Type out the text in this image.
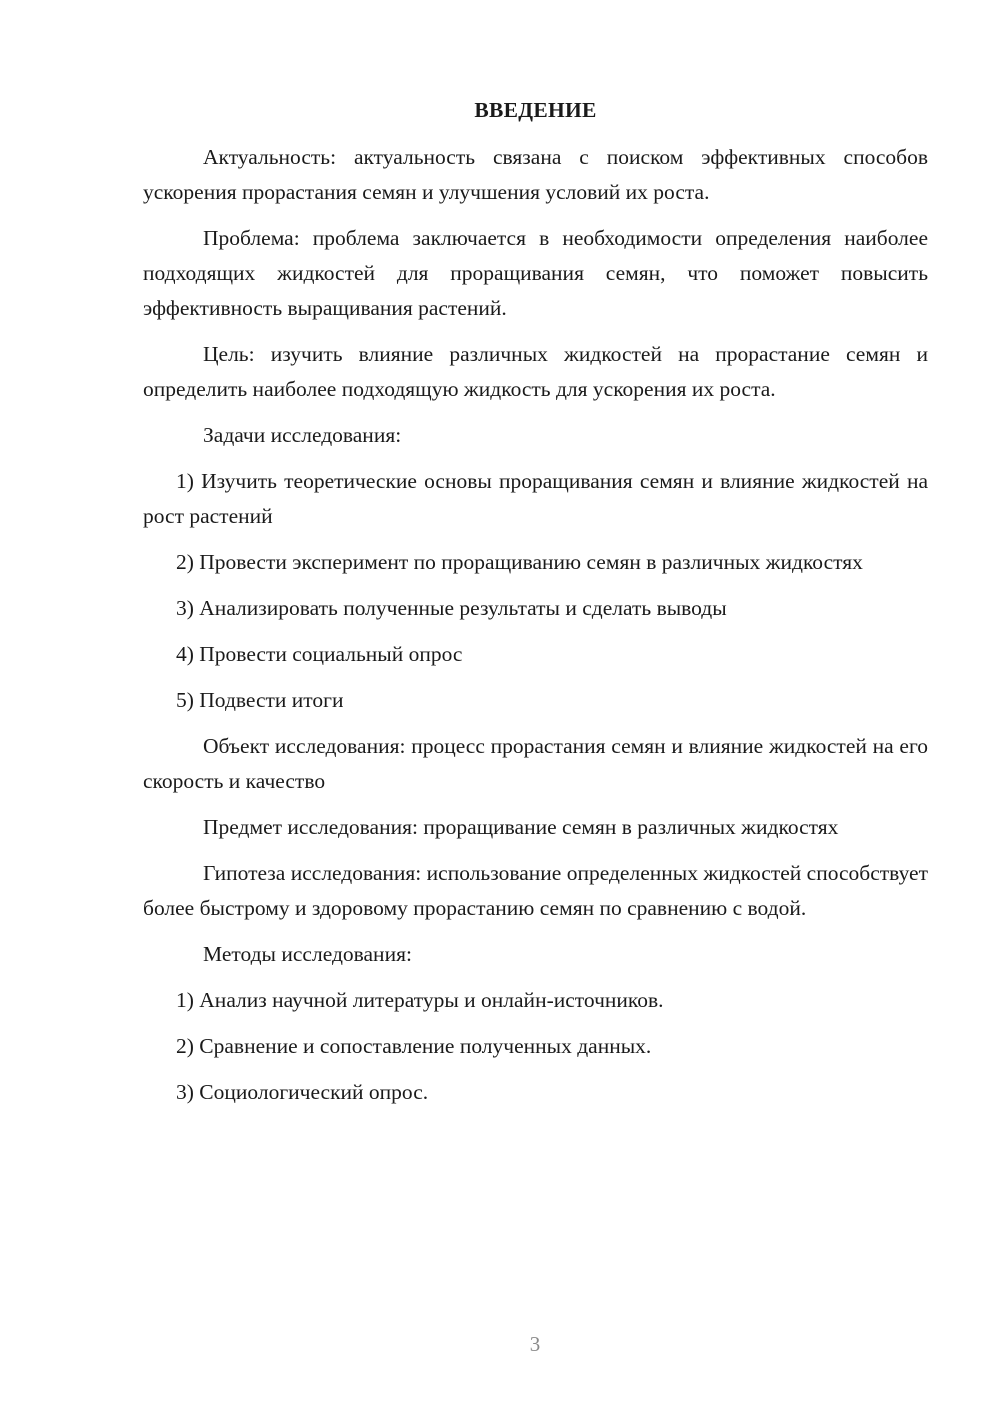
ВВЕДЕНИЕ

Актуальность: актуальность связана с поиском эффективных способов ускорения прорастания семян и улучшения условий их роста.

Проблема: проблема заключается в необходимости определения наиболее подходящих жидкостей для проращивания семян, что поможет повысить эффективность выращивания растений.

Цель: изучить влияние различных жидкостей на прорастание семян и определить наиболее подходящую жидкость для ускорения их роста.

Задачи исследования:

1) Изучить теоретические основы проращивания семян и влияние жидкостей на рост растений

2) Провести эксперимент по проращиванию семян в различных жидкостях

3) Анализировать полученные результаты и сделать выводы

4) Провести социальный опрос

5) Подвести итоги

Объект исследования: процесс прорастания семян и влияние жидкостей на его скорость и качество

Предмет исследования: проращивание семян в различных жидкостях

Гипотеза исследования: использование определенных жидкостей способствует более быстрому и здоровому прорастанию семян по сравнению с водой.

Методы исследования:

1) Анализ научной литературы и онлайн-источников.

2) Сравнение и сопоставление полученных данных.

3) Социологический опрос.

3
